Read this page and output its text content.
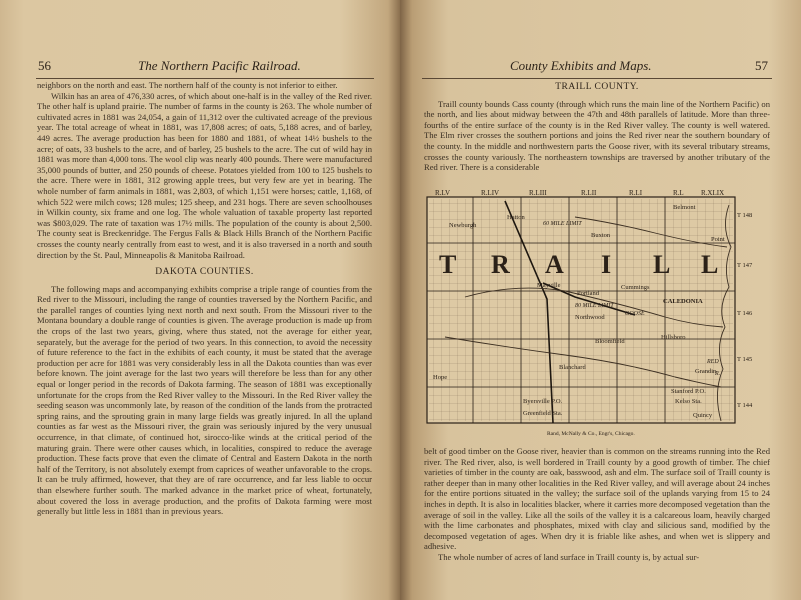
56	The Northern Pacific Railroad.

neighbors on the north and east. The northern half of the county is not inferior to either.

Wilkin has an area of 476,330 acres, of which about one-half is in the valley of the Red river. The other half is upland prairie. The number of farms in the county is 263. The whole number of cultivated acres in 1881 was 24,054, a gain of 11,312 over the cultivated acreage of the previous year. The total acreage of wheat in 1881, was 17,808 acres; of oats, 5,188 acres, and of barley, 449 acres. The average production has been for 1880 and 1881, of wheat 14½ bushels to the acre; of oats, 33 bushels to the acre, and of barley, 25 bushels to the acre. The cut of wild hay in 1881 was more than 4,000 tons. The wool clip was nearly 400 pounds. There were manufactured 35,000 pounds of butter, and 250 pounds of cheese. Potatoes yielded from 100 to 125 bushels to the acre. There were in 1881, 312 growing apple trees, but very few are yet in bearing. The whole number of farm animals in 1881, was 2,803, of which 1,151 were horses; cattle, 1,168, of which 522 were milch cows; 128 mules; 125 sheep, and 231 hogs. There are seven schoolhouses in Wilkin county, six frame and one log. The whole valuation of taxable property last reported was $803,029. The rate of taxation was 17½ mills. The population of the county is about 2,500. The county seat is Breckenridge. The Fergus Falls & Black Hills Branch of the Northern Pacific crosses the county nearly centrally from east to west, and it is also traversed in a north and south direction by the St. Paul, Minneapolis & Manitoba Railroad.

DAKOTA COUNTIES.

The following maps and accompanying exhibits comprise a triple range of counties from the Red river to the Missouri, including the range of counties traversed by the Northern Pacific, and the parallel ranges of counties lying next north and next south. From the Missouri river to the Montana boundary a double range of counties is given. The average production is made up from the crops of the last two years, giving, where thus stated, not the average for either year, separately, but the average for the period of two years. In this connection, to avoid the necessity of future reference to the fact in the exhibits of each county, it must be stated that the average production per acre for 1881 was very considerably less in all the Dakota counties than was ever before known. The joint average for the last two years will therefore be less than for any other equal or longer period in the records of Dakota farming. The season of 1881 was exceptionally unfortunate for the crops from the Red River valley to the Missouri. In the Red River valley the seeding season was uncommonly late, by reason of the condition of the lands from the protracted spring rains, and the sprouting grain in many large fields was greatly injured. In all the upland counties as far west as the Missouri river, the grain was seriously injured by the very unusual occurrence, in that climate, of continued hot, sirocco-like winds at the critical period of the maturing grain. There were other causes which, in localities, conspired to reduce the average production. These facts prove that even the climate of Central and Eastern Dakota in the north half of the Territory, is not absolutely exempt from caprices of weather unfavorable to the crops. It can be truly affirmed, however, that they are of rare occurrence, and far less liable to occur than elsewhere further south. The marked advance in the market price of wheat, fortunately, about covered the loss in average production, and the profits of Dakota farming were most generally but little less in 1881 than in previous years.

County Exhibits and Maps.	57
TRAILL COUNTY.

Traill county bounds Cass county (through which runs the main line of the Northern Pacific) on the north, and lies about midway between the 47th and 48th parallels of latitude. More than three-fourths of the entire surface of the county is in the Red River valley. The county is well watered. The Elm river crosses the southern portions and joins the Red river near the southern boundary of the county. In the middle and northwestern parts the Goose river, with its several tributary streams, crosses the county variously. The northeastern townships are traversed by another tributary of the Red river. There is a considerable

belt of good timber on the Goose river, heavier than is common on the streams running into the Red river. The Red river, also, is well bordered in Traill county by a good growth of timber. The chief varieties of timber in the county are oak, basswood, ash and elm. The surface soil of Traill county is rather deeper than in many other localities in the Red River valley, and will average about 24 inches for the entire portions situated in the valley; the surface soil of the uplands varying from 15 to 24 inches in depth. It is also in localities blacker, where it carries more decomposed vegetation than the average of soil in the valley. Like all the soils of the valley it is a calcareous loam, heavily charged with the lime carbonates and phosphates, mixed with clay and silicious sand, modified by the decomposed vegetation of ages. When dry it is friable like ashes, and when wet is slippery and adhesive.

The whole number of acres of land surface in Traill county is, by actual sur-

T R A I L L
R.LV	R.LIV	R.LIII	R.LII	R.LI	R.L R.XLIX
T 148
T 147
T 146
T 145
T 144
60 MILE LIMIT
80 MILE LIMIT
GOOSE
RED
R.
Hatton
Newburgh
Belmont
Buxton
Point
Mayville	Cummings
Portland
CALEDONIA
Northwood
Bloomfield
Hillsboro
Hope
Blanchard
Grandin
Byersville P.O.
Greenfield Sta.
Kelso Sta.
Quincy
Stanford P.O.
Rand, McNally & Co., Engr's, Chicago.
